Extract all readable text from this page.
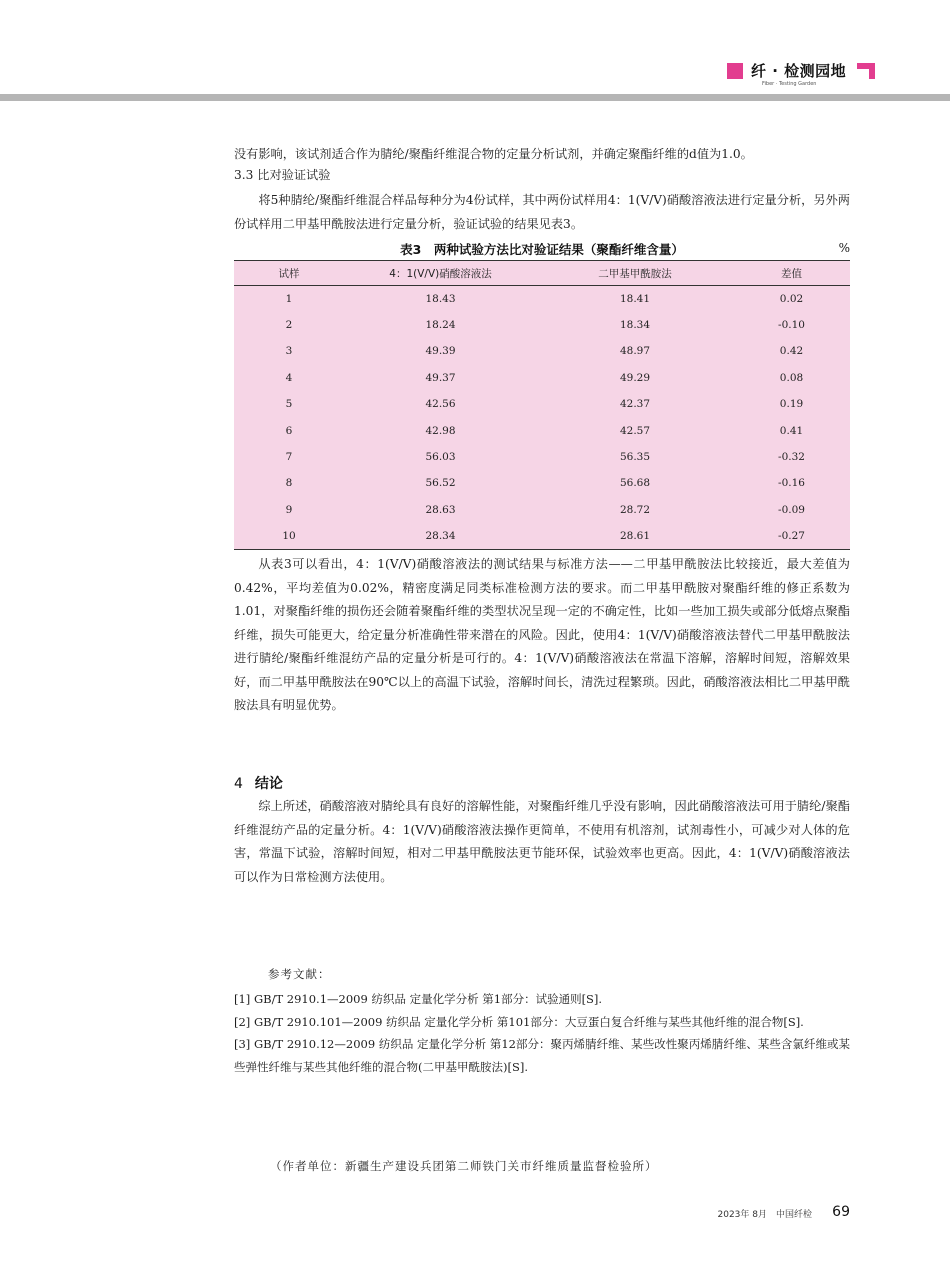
纤 · 检测园地
Fiber · Testing Garden

没有影响，该试剂适合作为腈纶/聚酯纤维混合物的定量分析试剂，并确定聚酯纤维的d值为1.0。

3.3 比对验证试验

将5种腈纶/聚酯纤维混合样品每种分为4份试样，其中两份试样用4：1(V/V)硝酸溶液法进行定量分析，另外两份试样用二甲基甲酰胺法进行定量分析，验证试验的结果见表3。

表3　两种试验方法比对验证结果（聚酯纤维含量）	%
试样	4：1(V/V)硝酸溶液法	二甲基甲酰胺法	差值
1	18.43	18.41	0.02
2	18.24	18.34	-0.10
3	49.39	48.97	0.42
4	49.37	49.29	0.08
5	42.56	42.37	0.19
6	42.98	42.57	0.41
7	56.03	56.35	-0.32
8	56.52	56.68	-0.16
9	28.63	28.72	-0.09
10	28.34	28.61	-0.27

从表3可以看出，4：1(V/V)硝酸溶液法的测试结果与标准方法——二甲基甲酰胺法比较接近，最大差值为0.42%，平均差值为0.02%，精密度满足同类标准检测方法的要求。而二甲基甲酰胺对聚酯纤维的修正系数为1.01，对聚酯纤维的损伤还会随着聚酯纤维的类型状况呈现一定的不确定性，比如一些加工损失或部分低熔点聚酯纤维，损失可能更大，给定量分析准确性带来潜在的风险。因此，使用4：1(V/V)硝酸溶液法替代二甲基甲酰胺法进行腈纶/聚酯纤维混纺产品的定量分析是可行的。4：1(V/V)硝酸溶液法在常温下溶解，溶解时间短，溶解效果好，而二甲基甲酰胺法在90℃以上的高温下试验，溶解时间长，清洗过程繁琐。因此，硝酸溶液法相比二甲基甲酰胺法具有明显优势。

4 结论

综上所述，硝酸溶液对腈纶具有良好的溶解性能，对聚酯纤维几乎没有影响，因此硝酸溶液法可用于腈纶/聚酯纤维混纺产品的定量分析。4：1(V/V)硝酸溶液法操作更简单，不使用有机溶剂，试剂毒性小，可减少对人体的危害，常温下试验，溶解时间短，相对二甲基甲酰胺法更节能环保，试验效率也更高。因此，4：1(V/V)硝酸溶液法可以作为日常检测方法使用。

参考文献：
[1] GB/T 2910.1—2009 纺织品 定量化学分析 第1部分：试验通则[S].
[2] GB/T 2910.101—2009 纺织品 定量化学分析 第101部分：大豆蛋白复合纤维与某些其他纤维的混合物[S].
[3] GB/T 2910.12—2009 纺织品 定量化学分析 第12部分：聚丙烯腈纤维、某些改性聚丙烯腈纤维、某些含氯纤维或某些弹性纤维与某些其他纤维的混合物(二甲基甲酰胺法)[S].
（作者单位：新疆生产建设兵团第二师铁门关市纤维质量监督检验所）
2023年 8月　中国纤检 69
